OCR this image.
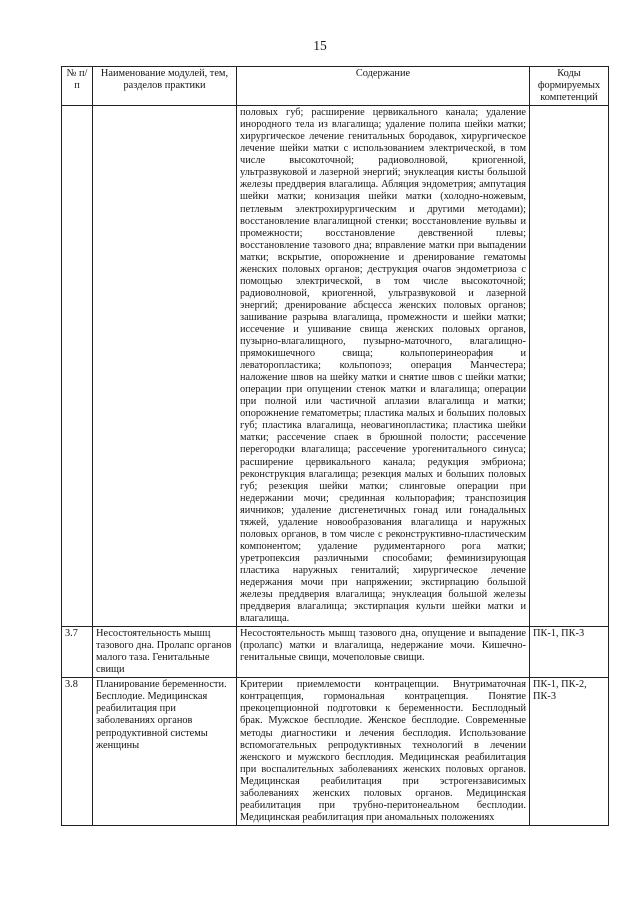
15
№ п/п	Наименование модулей, тем, разделов практики	Содержание	Коды формируемых компетенций
		половых губ; расширение цервикального канала; удаление инородного тела из влагалища; удаление полипа шейки матки; хирургическое лечение генитальных бородавок, хирургическое лечение шейки матки с использованием электрической, в том числе высокоточной; радиоволновой, криогенной, ультразвуковой и лазерной энергий; энуклеация кисты большой железы преддверия влагалища. Абляция эндометрия; ампутация шейки матки; конизация шейки матки (холодно-ножевым, петлевым электрохирургическим и другими методами); восстановление влагалищной стенки; восстановление вульвы и промежности; восстановление девственной плевы; восстановление тазового дна; вправление матки при выпадении матки; вскрытие, опорожнение и дренирование гематомы женских половых органов; деструкция очагов эндометриоза с помощью электрической, в том числе высокоточной; радиоволновой, криогенной, ультразвуковой и лазерной энергий; дренирование абсцесса женских половых органов; зашивание разрыва влагалища, промежности и шейки матки; иссечение и ушивание свища женских половых органов, пузырно-влагалищного, пузырно-маточного, влагалищно-прямокишечного свища; кольпоперинеорафия и леваторопластика; кольпопоэз; операция Манчестера; наложение швов на шейку матки и снятие швов с шейки матки; операции при опущении стенок матки и влагалища; операции при полной или частичной аплазии влагалища и матки; опорожнение гематометры; пластика малых и больших половых губ; пластика влагалища, неовагинопластика; пластика шейки матки; рассечение спаек в брюшной полости; рассечение перегородки влагалища; рассечение урогенитального синуса; расширение цервикального канала; редукция эмбриона; реконструкция влагалища; резекция малых и больших половых губ; резекция шейки матки; слинговые операции при недержании мочи; срединная кольпорафия; транспозиция яичников; удаление дисгенетичных гонад или гонадальных тяжей, удаление новообразования влагалища и наружных половых органов, в том числе с реконструктивно-пластическим компонентом; удаление рудиментарного рога матки; уретропексия различными способами; феминизирующая пластика наружных гениталий; хирургическое лечение недержания мочи при напряжении; экстирпацию большой железы преддверия влагалища; энуклеация большой железы преддверия влагалища; экстирпация культи шейки матки и влагалища.	
3.7	Несостоятельность мышц тазового дна. Пролапс органов малого таза. Генитальные свищи	Несостоятельность мышц тазового дна, опущение и выпадение (пролапс) матки и влагалища, недержание мочи. Кишечно-генитальные свищи, мочеполовые свищи.	ПК-1, ПК-3
3.8	Планирование беременности. Бесплодие. Медицинская реабилитация при заболеваниях органов репродуктивной системы женщины	Критерии приемлемости контрацепции. Внутриматочная контрацепция, гормональная контрацепция. Понятие прекоцепционной подготовки к беременности. Бесплодный брак. Мужское бесплодие. Женское бесплодие. Современные методы диагностики и лечения бесплодия. Использование вспомогательных репродуктивных технологий в лечении женского и мужского бесплодия. Медицинская реабилитация при воспалительных заболеваниях женских половых органов. Медицинская реабилитация при эстрогензависимых заболеваниях женских половых органов. Медицинская реабилитация при трубно-перитонеальном бесплодии. Медицинская реабилитация при аномальных положениях	ПК-1, ПК-2, ПК-3
